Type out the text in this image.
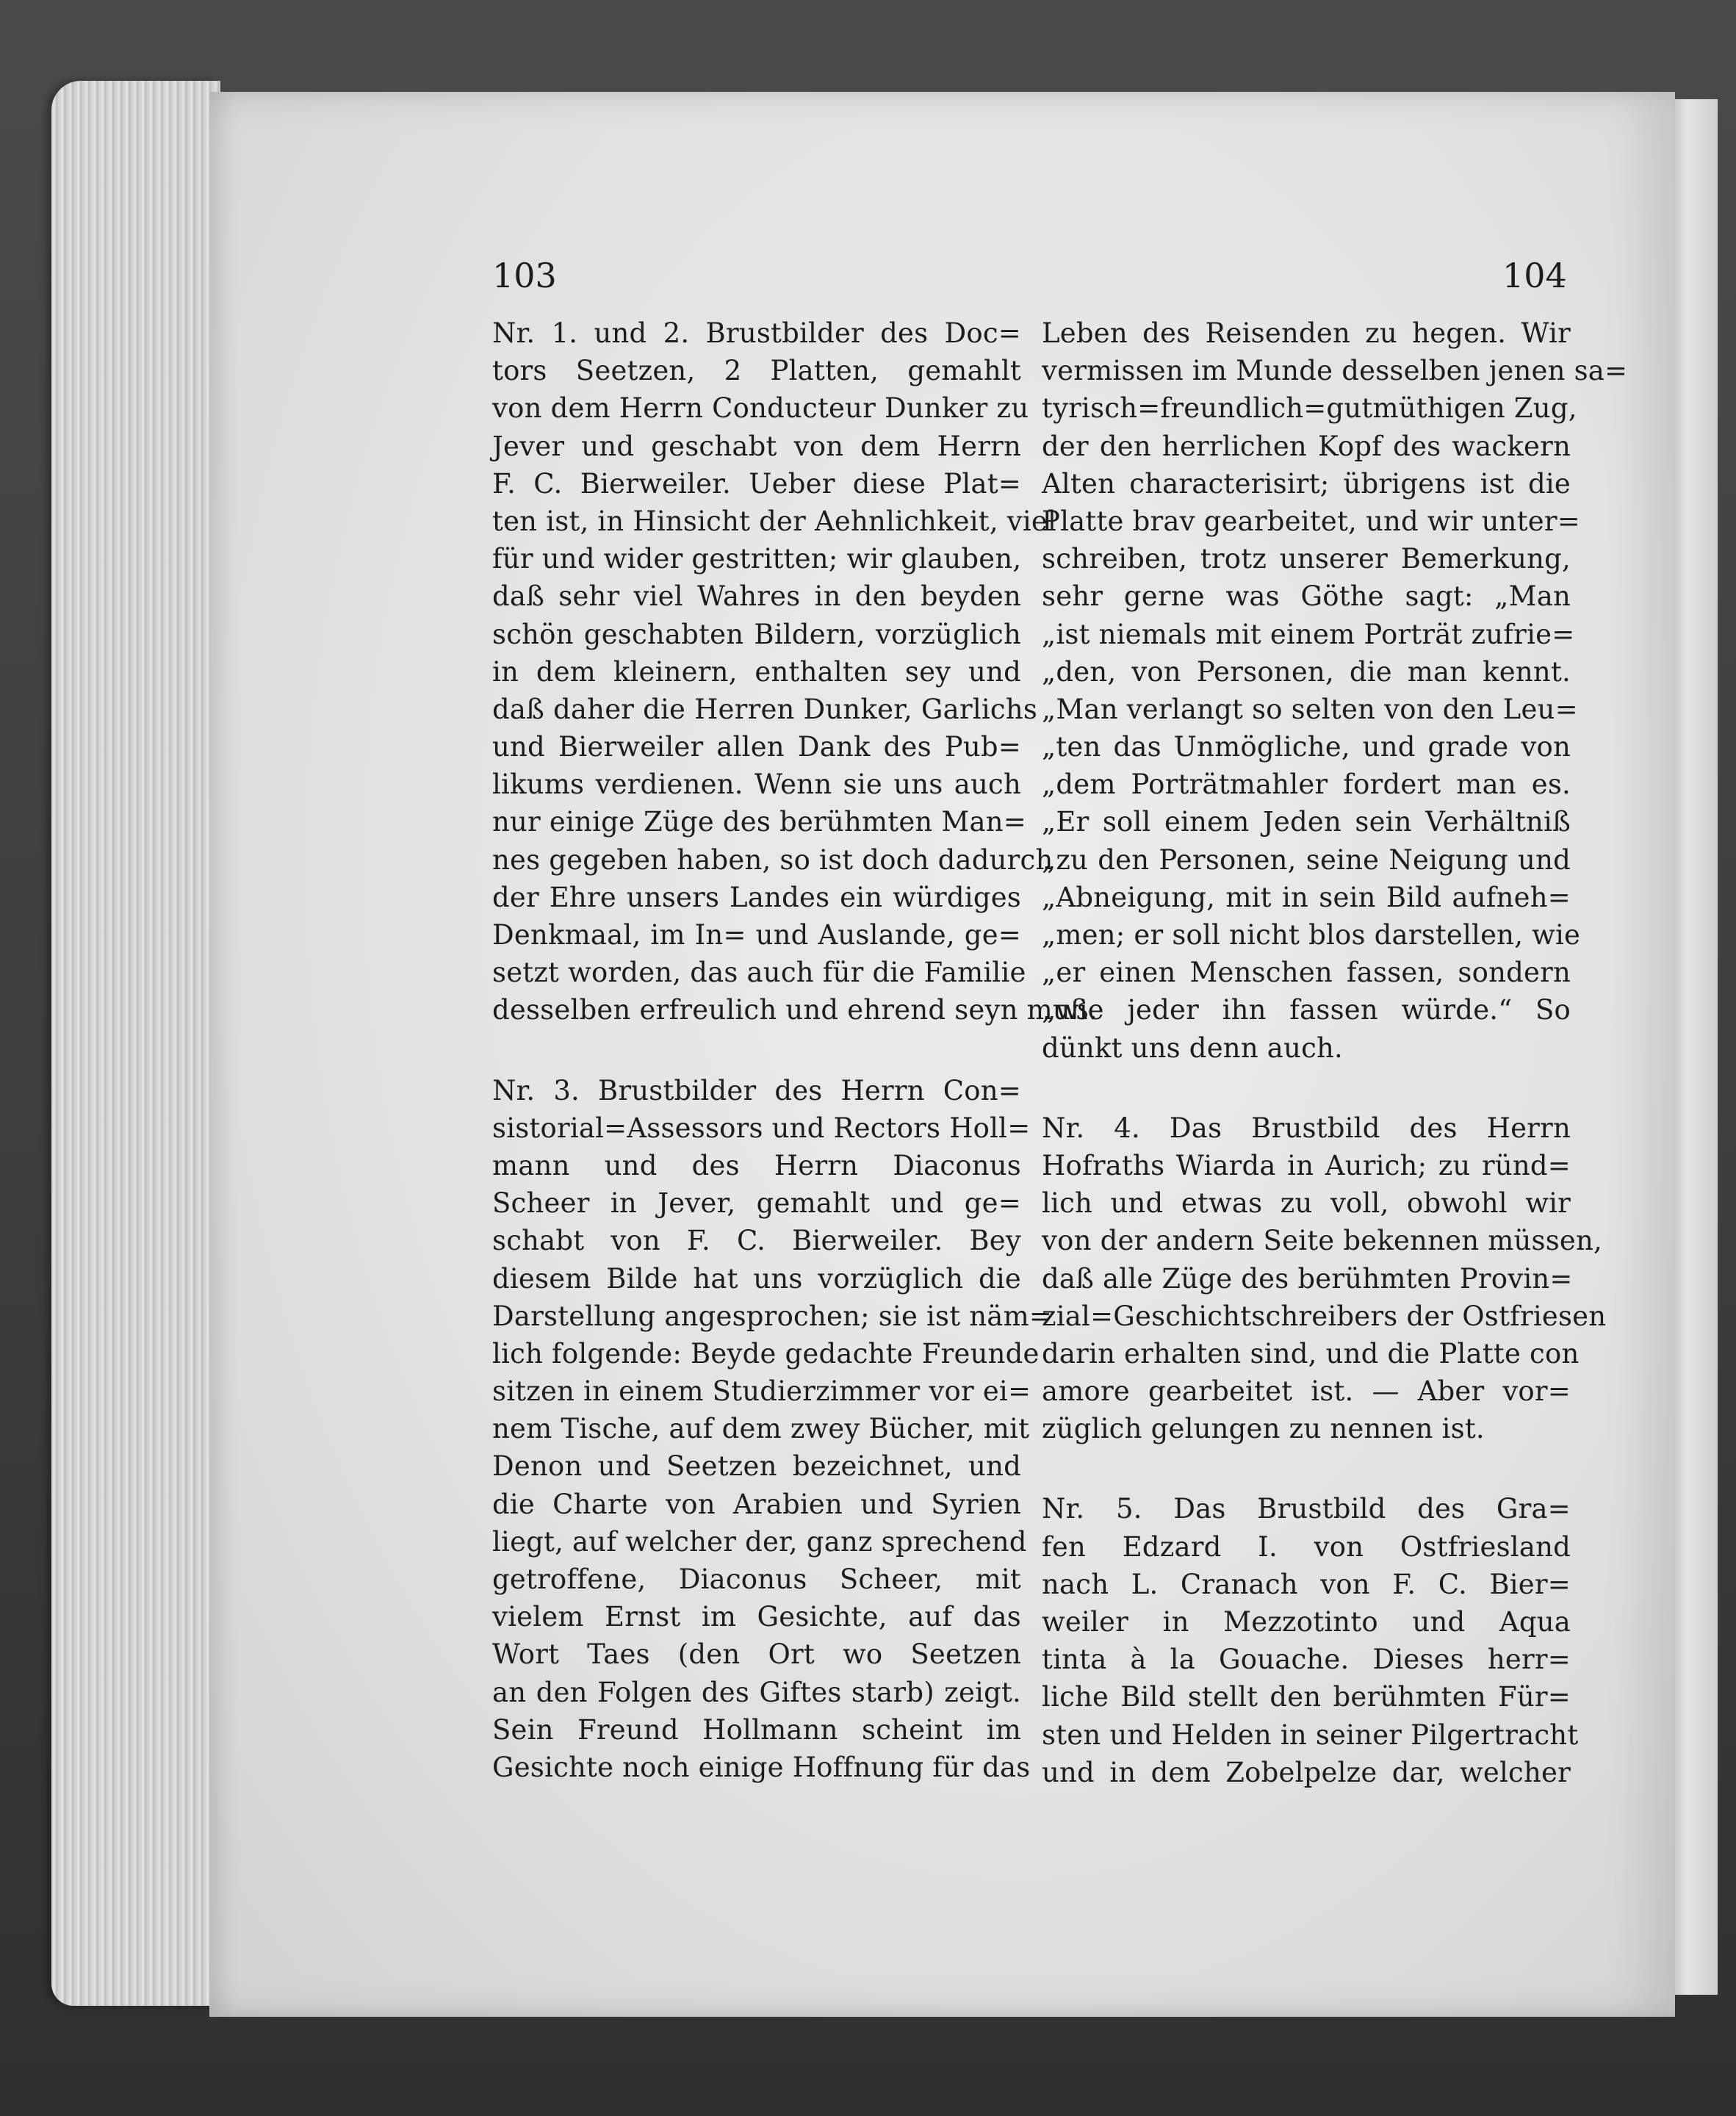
103	104

Nr. 1. und 2. Brustbilder des Doc=

tors Seetzen, 2 Platten, gemahlt

von dem Herrn Conducteur Dunker zu

Jever und geschabt von dem Herrn

F. C. Bierweiler. Ueber diese Plat=

ten ist, in Hinsicht der Aehnlichkeit, viel

für und wider gestritten; wir glauben,

daß sehr viel Wahres in den beyden

schön geschabten Bildern, vorzüglich

in dem kleinern, enthalten sey und

daß daher die Herren Dunker, Garlichs

und Bierweiler allen Dank des Pub=

likums verdienen. Wenn sie uns auch

nur einige Züge des berühmten Man=

nes gegeben haben, so ist doch dadurch

der Ehre unsers Landes ein würdiges

Denkmaal, im In= und Auslande, ge=

setzt worden, das auch für die Familie

desselben erfreulich und ehrend seyn muß.

Nr. 3. Brustbilder des Herrn Con=

sistorial=Assessors und Rectors Holl=

mann und des Herrn Diaconus

Scheer in Jever, gemahlt und ge=

schabt von F. C. Bierweiler. Bey

diesem Bilde hat uns vorzüglich die

Darstellung angesprochen; sie ist näm=

lich folgende: Beyde gedachte Freunde

sitzen in einem Studierzimmer vor ei=

nem Tische, auf dem zwey Bücher, mit

Denon und Seetzen bezeichnet, und

die Charte von Arabien und Syrien

liegt, auf welcher der, ganz sprechend

getroffene, Diaconus Scheer, mit

vielem Ernst im Gesichte, auf das

Wort Taes (den Ort wo Seetzen

an den Folgen des Giftes starb) zeigt.

Sein Freund Hollmann scheint im

Gesichte noch einige Hoffnung für das

Leben des Reisenden zu hegen. Wir

vermissen im Munde desselben jenen sa=

tyrisch=freundlich=gutmüthigen Zug,

der den herrlichen Kopf des wackern

Alten characterisirt; übrigens ist die

Platte brav gearbeitet, und wir unter=

schreiben, trotz unserer Bemerkung,

sehr gerne was Göthe sagt: „Man

„ist niemals mit einem Porträt zufrie=

„den, von Personen, die man kennt.

„Man verlangt so selten von den Leu=

„ten das Unmögliche, und grade von

„dem Porträtmahler fordert man es.

„Er soll einem Jeden sein Verhältniß

„zu den Personen, seine Neigung und

„Abneigung, mit in sein Bild aufneh=

„men; er soll nicht blos darstellen, wie

„er einen Menschen fassen, sondern

„wie jeder ihn fassen würde.“ So

dünkt uns denn auch.

Nr. 4. Das Brustbild des Herrn

Hofraths Wiarda in Aurich; zu ründ=

lich und etwas zu voll, obwohl wir

von der andern Seite bekennen müssen,

daß alle Züge des berühmten Provin=

zial=Geschichtschreibers der Ostfriesen

darin erhalten sind, und die Platte con

amore gearbeitet ist. — Aber vor=

züglich gelungen zu nennen ist.

Nr. 5. Das Brustbild des Gra=

fen Edzard I. von Ostfriesland

nach L. Cranach von F. C. Bier=

weiler in Mezzotinto und Aqua

tinta à la Gouache. Dieses herr=

liche Bild stellt den berühmten Für=

sten und Helden in seiner Pilgertracht

und in dem Zobelpelze dar, welcher
